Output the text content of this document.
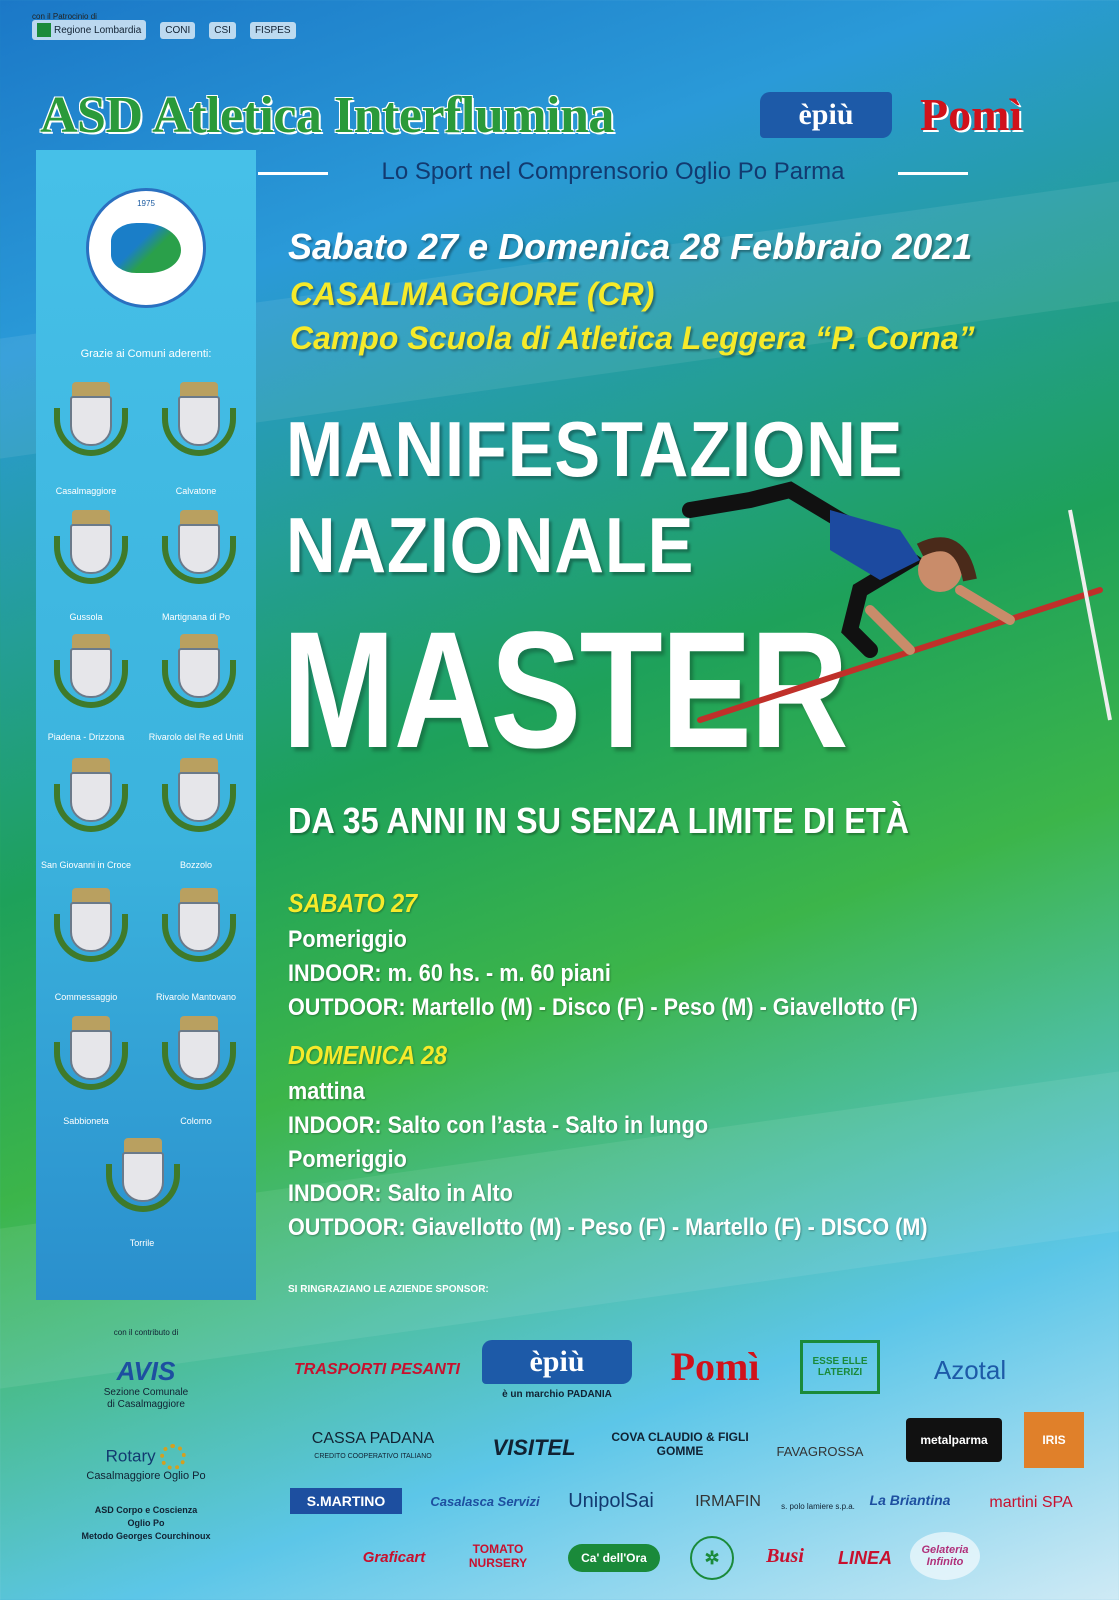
con il Patrocinio di
Regione Lombardia	CONI	CSI	FISPES
ASD Atletica Interflumina	èpiù	Pomì
Lo Sport nel Comprensorio Oglio Po Parma
1975
Sabato 27 e Domenica 28 Febbraio 2021
CASALMAGGIORE (CR)
Campo Scuola di Atletica Leggera “P. Corna”
Grazie ai Comuni aderenti:
Casalmaggiore	Calvatone
Gussola	Martignana di Po
Piadena - Drizzona	Rivarolo del Re ed Uniti
San Giovanni in Croce	Bozzolo
Commessaggio	Rivarolo Mantovano
Sabbioneta	Colorno
Torrile
MANIFESTAZIONE
NAZIONALE
MASTER
DA 35 ANNI IN SU SENZA LIMITE DI ETÀ
SABATO 27
Pomeriggio
INDOOR: m. 60 hs. - m. 60 piani
OUTDOOR: Martello (M) - Disco (F) - Peso (M) - Giavellotto (F)
DOMENICA 28
mattina
INDOOR: Salto con l’asta - Salto in lungo
Pomeriggio
INDOOR: Salto in Alto
OUTDOOR: Giavellotto (M) - Peso (F) - Martello (F) - DISCO (M)
con il contributo di
AVIS
Sezione Comunale
di Casalmaggiore
Rotary
Casalmaggiore Oglio Po
ASD Corpo e Coscienza
Oglio Po
Metodo Georges Courchinoux
SI RINGRAZIANO LE AZIENDE SPONSOR:
TRASPORTI PESANTI	èpiù
è un marchio PADANIA
Pomì	ESSE ELLE LATERIZI	Azotal
CASSA PADANA
CREDITO COOPERATIVO ITALIANO	VISITEL	COVA CLAUDIO & FIGLI GOMME	FAVAGROSSA
metalparma	IRIS
S.MARTINO	Casalasca Servizi	UnipolSai	IRMAFIN	s. polo lamiere s.p.a.	La Briantina	martini SPA
Graficart	TOMATO NURSERY	Ca' dell'Ora	✲	Busi	LINEA	Gelateria Infinito
